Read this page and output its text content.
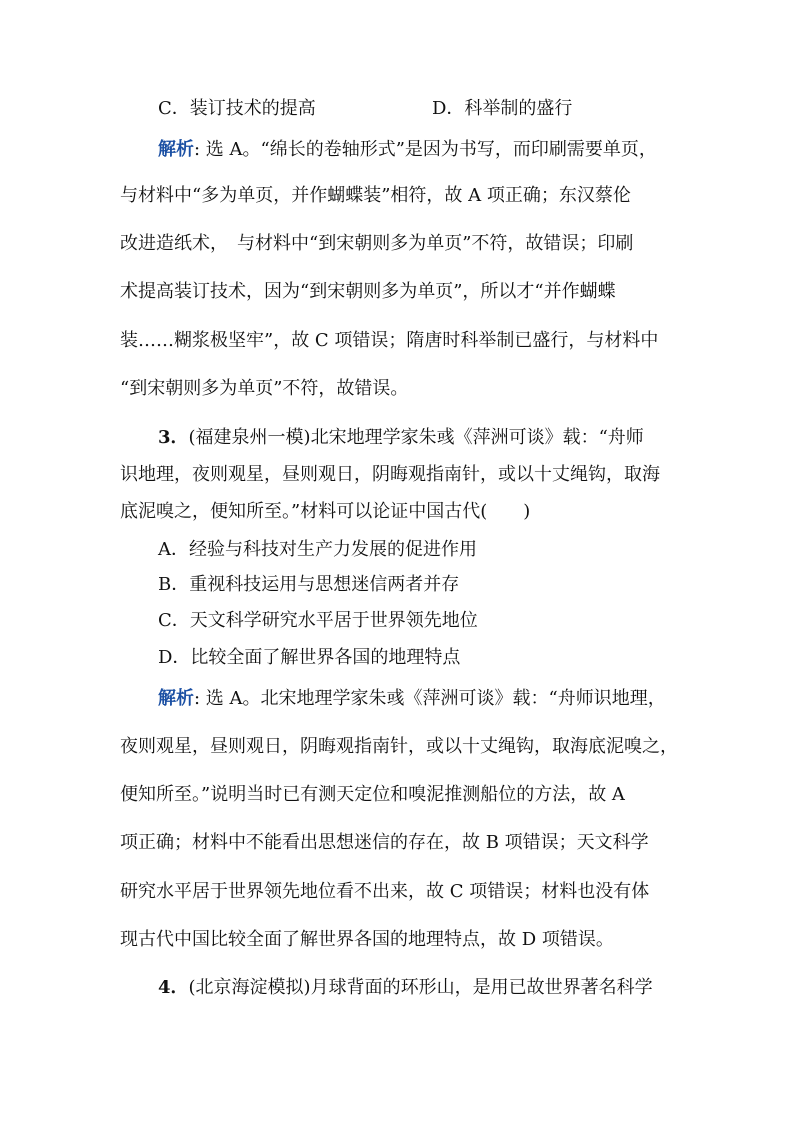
C．装订技术的提高	D．科举制的盛行
解析: 选 A。“绵长的卷轴形式”是因为书写，而印刷需要单页，
与材料中“多为单页，并作蝴蝶装”相符，故 A 项正确；东汉蔡伦
改进造纸术，　与材料中“到宋朝则多为单页”不符，故错误；印刷
术提高装订技术，因为“到宋朝则多为单页”，所以才“并作蝴蝶
装……糊浆极坚牢”，故 C 项错误；隋唐时科举制已盛行，与材料中
“到宋朝则多为单页”不符，故错误。
3．(福建泉州一模)北宋地理学家朱彧《萍洲可谈》载：“舟师
识地理，夜则观星，昼则观日，阴晦观指南针，或以十丈绳钩，取海
底泥嗅之，便知所至。”材料可以论证中国古代(　　)
A．经验与科技对生产力发展的促进作用
B．重视科技运用与思想迷信两者并存
C．天文科学研究水平居于世界领先地位
D．比较全面了解世界各国的地理特点
解析: 选 A。北宋地理学家朱彧《萍洲可谈》载：“舟师识地理，
夜则观星，昼则观日，阴晦观指南针，或以十丈绳钩，取海底泥嗅之，
便知所至。”说明当时已有测天定位和嗅泥推测船位的方法，故 A
项正确；材料中不能看出思想迷信的存在，故 B 项错误；天文科学
研究水平居于世界领先地位看不出来，故 C 项错误；材料也没有体
现古代中国比较全面了解世界各国的地理特点，故 D 项错误。
4．(北京海淀模拟)月球背面的环形山，是用已故世界著名科学
